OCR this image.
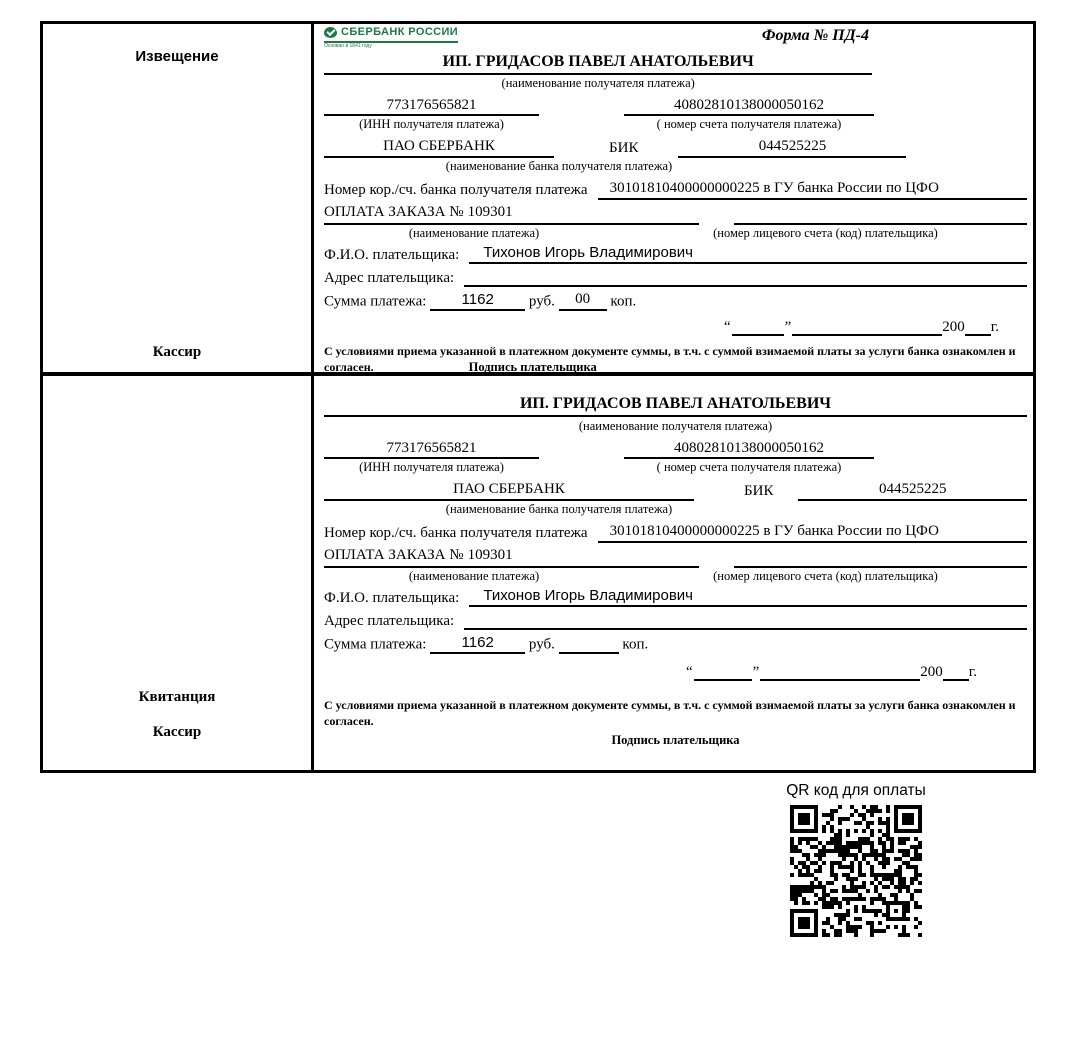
Извещение
Кассир
СБЕРБАНК РОССИИ
Основан в 1841 году
Форма № ПД-4
ИП. ГРИДАСОВ ПАВЕЛ АНАТОЛЬЕВИЧ
(наименование получателя платежа)
773176565821	40802810138000050162
(ИНН получателя платежа)	( номер счета получателя платежа)
ПАО СБЕРБАНК	БИК	044525225
(наименование банка получателя платежа)
Номер кор./сч. банка получателя платежа	30101810400000000225 в ГУ банка России по ЦФО
ОПЛАТА ЗАКАЗА № 109301
(наименование платежа)	(номер лицевого счета (код) плательщика)
Ф.И.О. плательщика:	Тихонов Игорь Владимирович
Адрес плательщика:
Сумма платежа: 1162 руб. 00 коп.
“	”	200 г.
С условиями приема указанной в платежном документе суммы, в т.ч. с суммой взимаемой платы за услуги банка ознакомлен и согласен.	Подпись плательщика
Квитанция
Кассир
ИП. ГРИДАСОВ ПАВЕЛ АНАТОЛЬЕВИЧ
(наименование получателя платежа)
773176565821	40802810138000050162
(ИНН получателя платежа)	( номер счета получателя платежа)
ПАО СБЕРБАНК	БИК	044525225
(наименование банка получателя платежа)
Номер кор./сч. банка получателя платежа	30101810400000000225 в ГУ банка России по ЦФО
ОПЛАТА ЗАКАЗА № 109301
(наименование платежа)	(номер лицевого счета (код) плательщика)
Ф.И.О. плательщика:	Тихонов Игорь Владимирович
Адрес плательщика:
Сумма платежа: 1162 руб.	коп.
“	”	200 г.
С условиями приема указанной в платежном документе суммы, в т.ч. с суммой взимаемой платы за услуги банка ознакомлен и согласен.
Подпись плательщика
QR код для оплаты
